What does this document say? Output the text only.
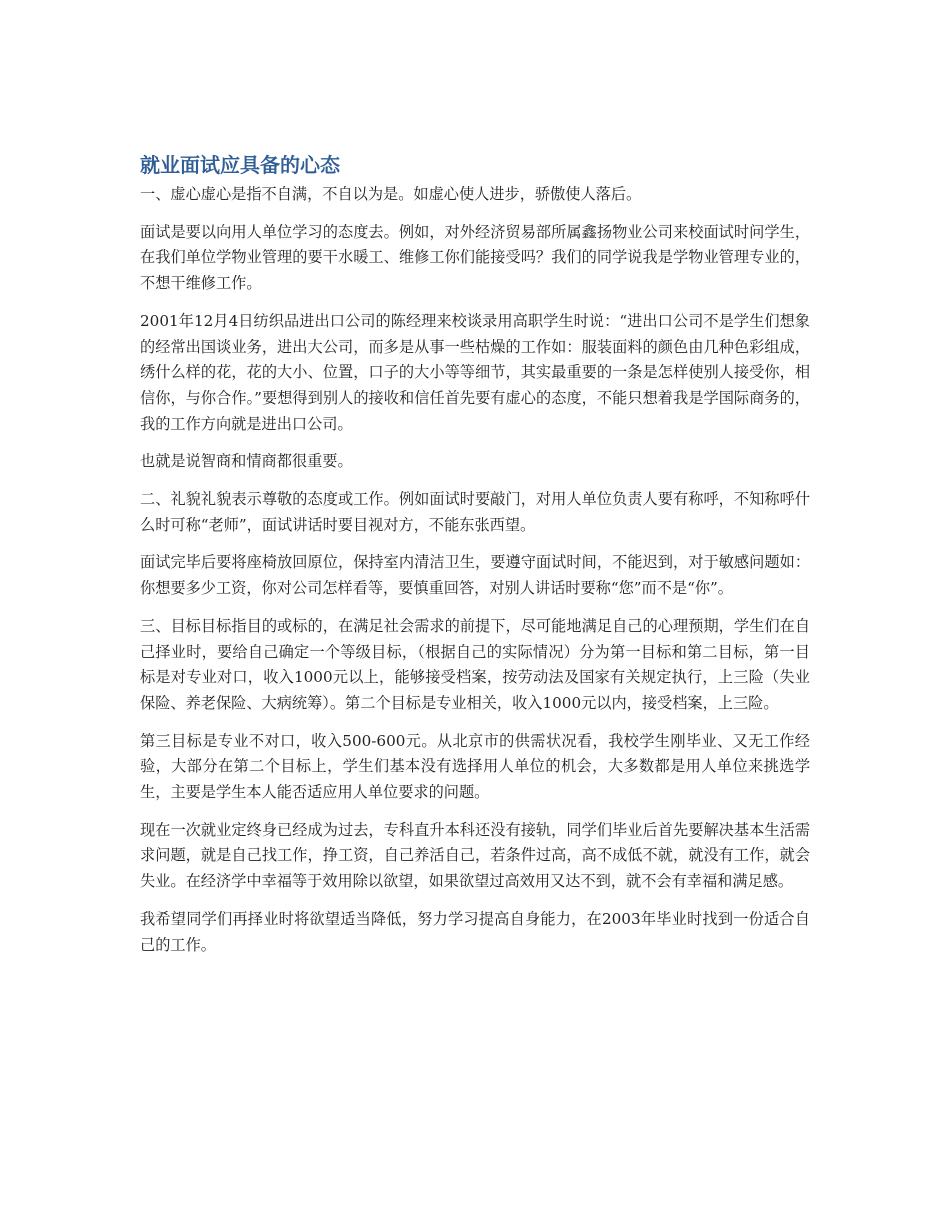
就业面试应具备的心态

一、虚心虚心是指不自满，不自以为是。如虚心使人进步，骄傲使人落后。

面试是要以向用人单位学习的态度去。例如，对外经济贸易部所属鑫扬物业公司来校面试时问学生，在我们单位学物业管理的要干水暖工、维修工你们能接受吗？我们的同学说我是学物业管理专业的，不想干维修工作。

2001年12月4日纺织品进出口公司的陈经理来校谈录用高职学生时说：“进出口公司不是学生们想象的经常出国谈业务，进出大公司，而多是从事一些枯燥的工作如：服装面料的颜色由几种色彩组成，绣什么样的花，花的大小、位置，口子的大小等等细节，其实最重要的一条是怎样使别人接受你，相信你，与你合作。”要想得到别人的接收和信任首先要有虚心的态度，不能只想着我是学国际商务的，我的工作方向就是进出口公司。

也就是说智商和情商都很重要。

二、礼貌礼貌表示尊敬的态度或工作。例如面试时要敲门，对用人单位负责人要有称呼，不知称呼什么时可称“老师”，面试讲话时要目视对方，不能东张西望。

面试完毕后要将座椅放回原位，保持室内清洁卫生，要遵守面试时间，不能迟到，对于敏感问题如：你想要多少工资，你对公司怎样看等，要慎重回答，对别人讲话时要称“您”而不是“你”。

三、目标目标指目的或标的，在满足社会需求的前提下，尽可能地满足自己的心理预期，学生们在自己择业时，要给自己确定一个等级目标，（根据自己的实际情况）分为第一目标和第二目标，第一目标是对专业对口，收入1000元以上，能够接受档案，按劳动法及国家有关规定执行，上三险（失业保险、养老保险、大病统筹）。第二个目标是专业相关，收入1000元以内，接受档案，上三险。

第三目标是专业不对口，收入500-600元。从北京市的供需状况看，我校学生刚毕业、又无工作经验，大部分在第二个目标上，学生们基本没有选择用人单位的机会，大多数都是用人单位来挑选学生，主要是学生本人能否适应用人单位要求的问题。

现在一次就业定终身已经成为过去，专科直升本科还没有接轨，同学们毕业后首先要解决基本生活需求问题，就是自己找工作，挣工资，自己养活自己，若条件过高，高不成低不就，就没有工作，就会失业。在经济学中幸福等于效用除以欲望，如果欲望过高效用又达不到，就不会有幸福和满足感。

我希望同学们再择业时将欲望适当降低，努力学习提高自身能力，在2003年毕业时找到一份适合自己的工作。
